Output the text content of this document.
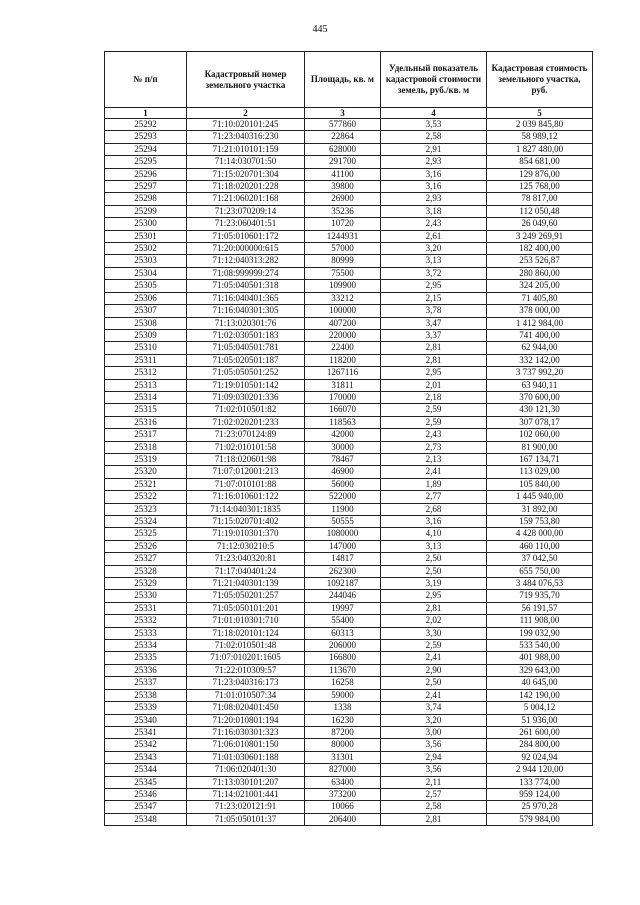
445
№ п/п	Кадастровый номер земельного участка	Площадь, кв. м	Удельный показатель кадастровой стоимости земель, руб./кв. м	Кадастровая стоимость земельного участка, руб.
1	2	3	4	5
25292	71:10:020101:245	577860	3,53	2 039 845,80
25293	71:23:040316:230	22864	2,58	58 989,12
25294	71:21:010101:159	628000	2,91	1 827 480,00
25295	71:14:030701:50	291700	2,93	854 681,00
25296	71:15:020701:304	41100	3,16	129 876,00
25297	71:18:020201:228	39800	3,16	125 768,00
25298	71:21:060201:168	26900	2,93	78 817,00
25299	71:23:070209:14	35236	3,18	112 050,48
25300	71:23:060401:51	10720	2,43	26 049,60
25301	71:05:010601:172	1244931	2,61	3 249 269,91
25302	71:20:000000:615	57000	3,20	182 400,00
25303	71:12:040313:282	80999	3,13	253 526,87
25304	71:08:999999:274	75500	3,72	280 860,00
25305	71:05:040501:318	109900	2,95	324 205,00
25306	71:16:040401:365	33212	2,15	71 405,80
25307	71:16:040301:305	100000	3,78	378 000,00
25308	71:13:020301:76	407200	3,47	1 412 984,00
25309	71:02:030501:183	220000	3,37	741 400,00
25310	71:05:040501:781	22400	2,81	62 944,00
25311	71:05:020501:187	118200	2,81	332 142,00
25312	71:05:050501:252	1267116	2,95	3 737 992,20
25313	71:19:010501:142	31811	2,01	63 940,11
25314	71:09:030201:336	170000	2,18	370 600,00
25315	71:02:010501:82	166070	2,59	430 121,30
25316	71:02:020201:233	118563	2,59	307 078,17
25317	71:23:070124:89	42000	2,43	102 060,00
25318	71:02:010101:58	30000	2,73	81 900,00
25319	71:18:020601:98	78467	2,13	167 134,71
25320	71:07:012001:213	46900	2,41	113 029,00
25321	71:07:010101:88	56000	1,89	105 840,00
25322	71:16:010601:122	522000	2,77	1 445 940,00
25323	71:14:040301:1835	11900	2,68	31 892,00
25324	71:15:020701:402	50555	3,16	159 753,80
25325	71:19:010301:370	1080000	4,10	4 428 000,00
25326	71:12:030210:5	147000	3,13	460 110,00
25327	71:23:040320:81	14817	2,50	37 042,50
25328	71:17:040401:24	262300	2,50	655 750,00
25329	71:21:040301:139	1092187	3,19	3 484 076,53
25330	71:05:050201:257	244046	2,95	719 935,70
25331	71:05:050101:201	19997	2,81	56 191,57
25332	71:01:010301:710	55400	2,02	111 908,00
25333	71:18:020101:124	60313	3,30	199 032,90
25334	71:02:010501:48	206000	2,59	533 540,00
25335	71:07:010201:1605	166800	2,41	401 988,00
25336	71:22:010309:57	113670	2,90	329 643,00
25337	71:23:040316:173	16258	2,50	40 645,00
25338	71:01:010507:34	59000	2,41	142 190,00
25339	71:08:020401:450	1338	3,74	5 004,12
25340	71:20:010801:194	16230	3,20	51 936,00
25341	71:16:030301:323	87200	3,00	261 600,00
25342	71:06:010801:150	80000	3,56	284 800,00
25343	71:01:030601:188	31301	2,94	92 024,94
25344	71:06:020401:30	827000	3,56	2 944 120,00
25345	71:13:030101:207	63400	2,11	133 774,00
25346	71:14:021001:441	373200	2,57	959 124,00
25347	71:23:020121:91	10066	2,58	25 970,28
25348	71:05:050101:37	206400	2,81	579 984,00
